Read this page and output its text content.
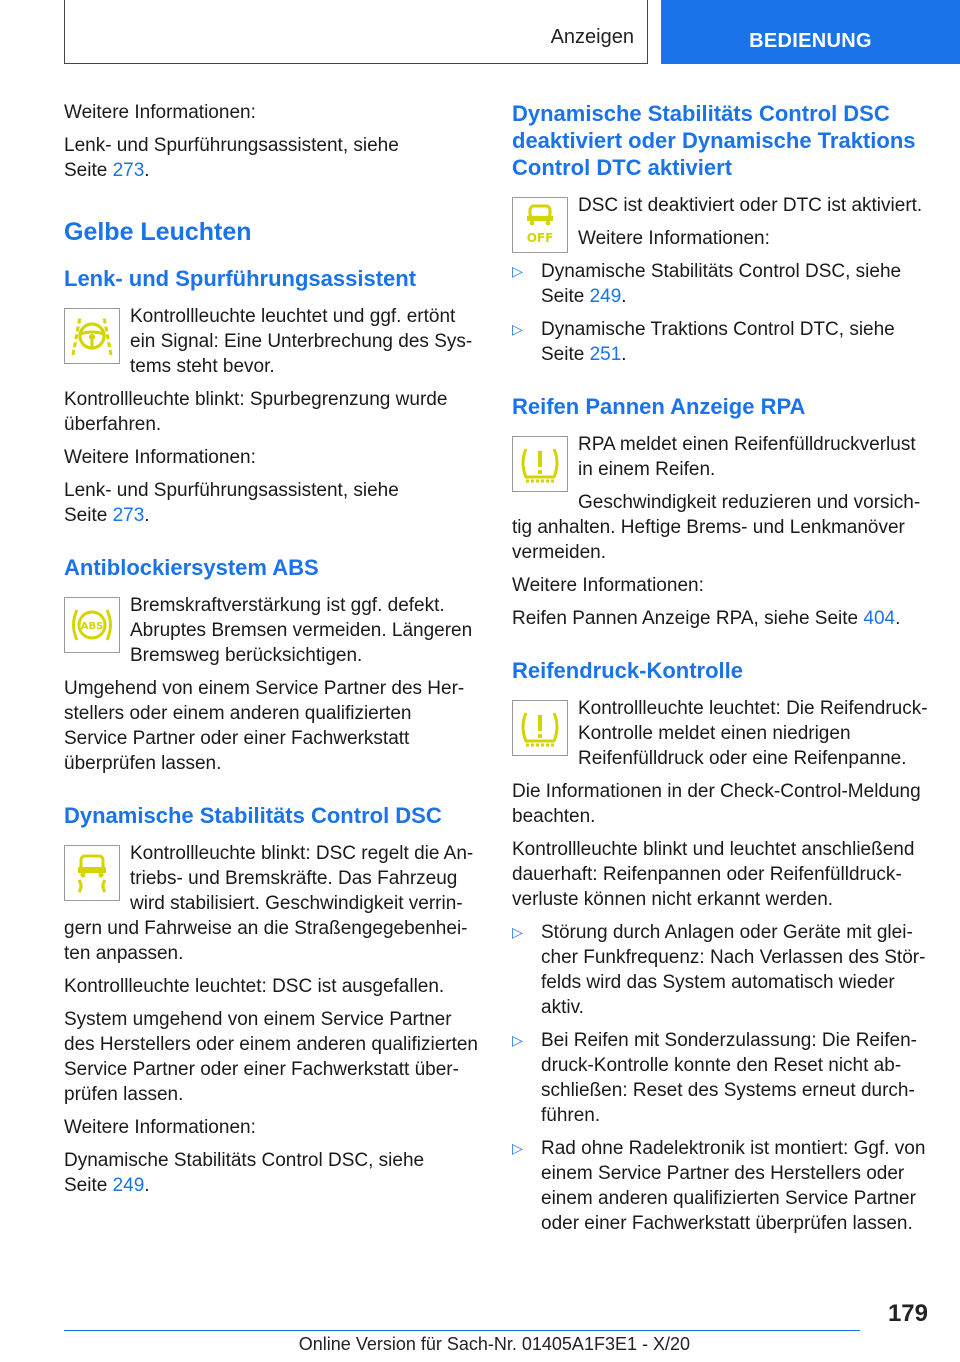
Anzeigen	BEDIENUNG

Weitere Informationen:

Lenk- und Spurführungsassistent, siehe
Seite 273.

Gelbe Leuchten
Lenk- und Spurführungsassistent

Kontrollleuchte leuchtet und ggf. ertönt ein Signal: Eine Unterbrechung des Systems steht bevor.

Kontrollleuchte blinkt: Spurbegrenzung wurde überfahren.

Weitere Informationen:

Lenk- und Spurführungsassistent, siehe
Seite 273.

Antiblockiersystem ABS
ABS

Bremskraftverstärkung ist ggf. defekt. Abruptes Bremsen vermeiden. Längeren Bremsweg berücksichtigen.

Umgehend von einem Service Partner des Herstellers oder einem anderen qualifizierten Service Partner oder einer Fachwerkstatt überprüfen lassen.

Dynamische Stabilitäts Control DSC

Kontrollleuchte blinkt: DSC regelt die Antriebs- und Bremskräfte. Das Fahrzeug wird stabilisiert. Geschwindigkeit verringern und Fahrweise an die Straßengegebenheiten anpassen.

Kontrollleuchte leuchtet: DSC ist ausgefallen.

System umgehend von einem Service Partner des Herstellers oder einem anderen qualifizierten Service Partner oder einer Fachwerkstatt überprüfen lassen.

Weitere Informationen:

Dynamische Stabilitäts Control DSC, siehe
Seite 249.

Dynamische Stabilitäts Control DSC deaktiviert oder Dynamische Traktions Control DTC aktiviert
OFF

DSC ist deaktiviert oder DTC ist aktiviert.

Weitere Informationen:

▷ Dynamische Stabilitäts Control DSC, siehe Seite 249.
▷ Dynamische Traktions Control DTC, siehe Seite 251.
Reifen Pannen Anzeige RPA

RPA meldet einen Reifenfülldruckverlust in einem Reifen.

Geschwindigkeit reduzieren und vorsichtig anhalten. Heftige Brems- und Lenkmanöver vermeiden.

Weitere Informationen:

Reifen Pannen Anzeige RPA, siehe Seite 404.

Reifendruck-Kontrolle

Kontrollleuchte leuchtet: Die Reifendruck-Kontrolle meldet einen niedrigen Reifenfülldruck oder eine Reifenpanne.

Die Informationen in der Check-Control-Meldung beachten.

Kontrollleuchte blinkt und leuchtet anschließend dauerhaft: Reifenpannen oder Reifenfülldruckverluste können nicht erkannt werden.

▷ Störung durch Anlagen oder Geräte mit gleicher Funkfrequenz: Nach Verlassen des Störfelds wird das System automatisch wieder aktiv.
▷ Bei Reifen mit Sonderzulassung: Die Reifendruck-Kontrolle konnte den Reset nicht abschließen: Reset des Systems erneut durchführen.
▷ Rad ohne Radelektronik ist montiert: Ggf. von einem Service Partner des Herstellers oder einem anderen qualifizierten Service Partner oder einer Fachwerkstatt überprüfen lassen.
179
Online Version für Sach-Nr. 01405A1F3E1 - X/20
